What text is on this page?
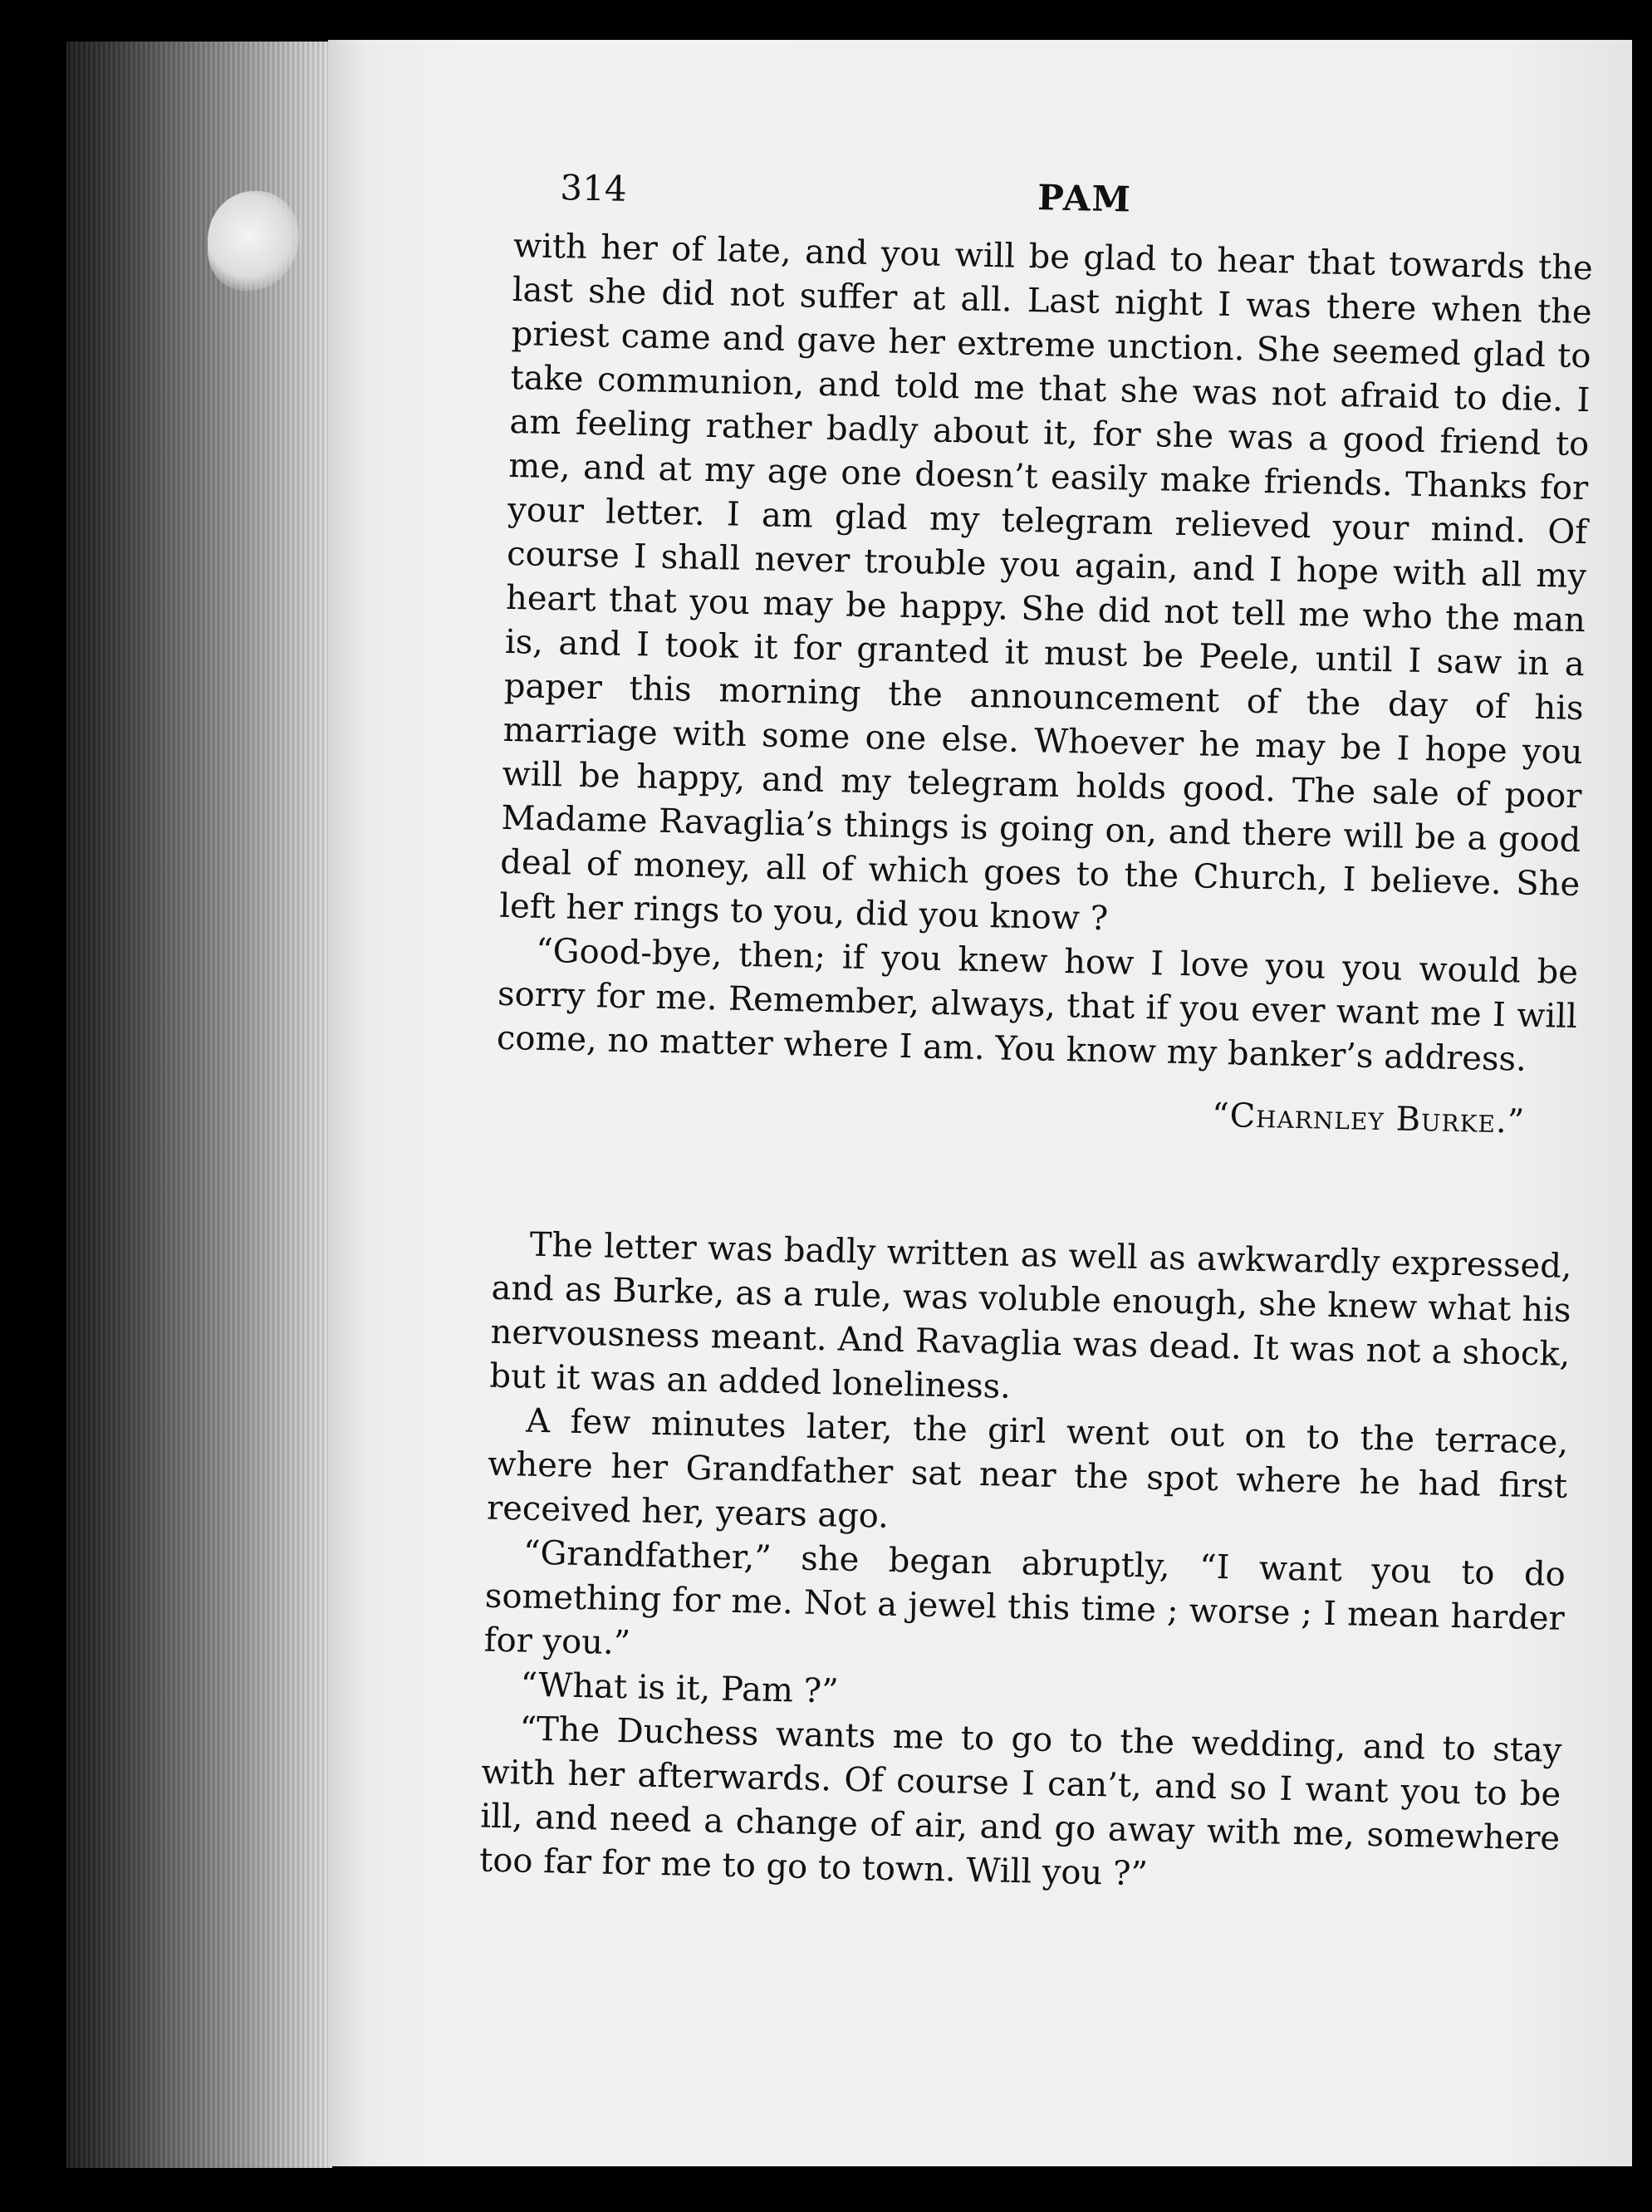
314	PAM

with her of late, and you will be glad to hear that towards the last she did not suffer at all. Last night I was there when the priest came and gave her extreme unction. She seemed glad to take communion, and told me that she was not afraid to die. I am feeling rather badly about it, for she was a good friend to me, and at my age one doesn’t easily make friends. Thanks for your letter. I am glad my telegram relieved your mind. Of course I shall never trouble you again, and I hope with all my heart that you may be happy. She did not tell me who the man is, and I took it for granted it must be Peele, until I saw in a paper this morning the announcement of the day of his marriage with some one else. Whoever he may be I hope you will be happy, and my telegram holds good. The sale of poor Madame Ravaglia’s things is going on, and there will be a good deal of money, all of which goes to the Church, I believe. She left her rings to you, did you know ?

“Good-bye, then; if you knew how I love you you would be sorry for me. Remember, always, that if you ever want me I will come, no matter where I am. You know my banker’s address.

“Charnley Burke.”

The letter was badly written as well as awkwardly expressed, and as Burke, as a rule, was voluble enough, she knew what his nervousness meant. And Ravaglia was dead. It was not a shock, but it was an added loneliness.

A few minutes later, the girl went out on to the terrace, where her Grandfather sat near the spot where he had first received her, years ago.

“Grandfather,” she began abruptly, “I want you to do something for me. Not a jewel this time ; worse ; I mean harder for you.”

“What is it, Pam ?”

“The Duchess wants me to go to the wedding, and to stay with her afterwards. Of course I can’t, and so I want you to be ill, and need a change of air, and go away with me, somewhere too far for me to go to town. Will you ?”
